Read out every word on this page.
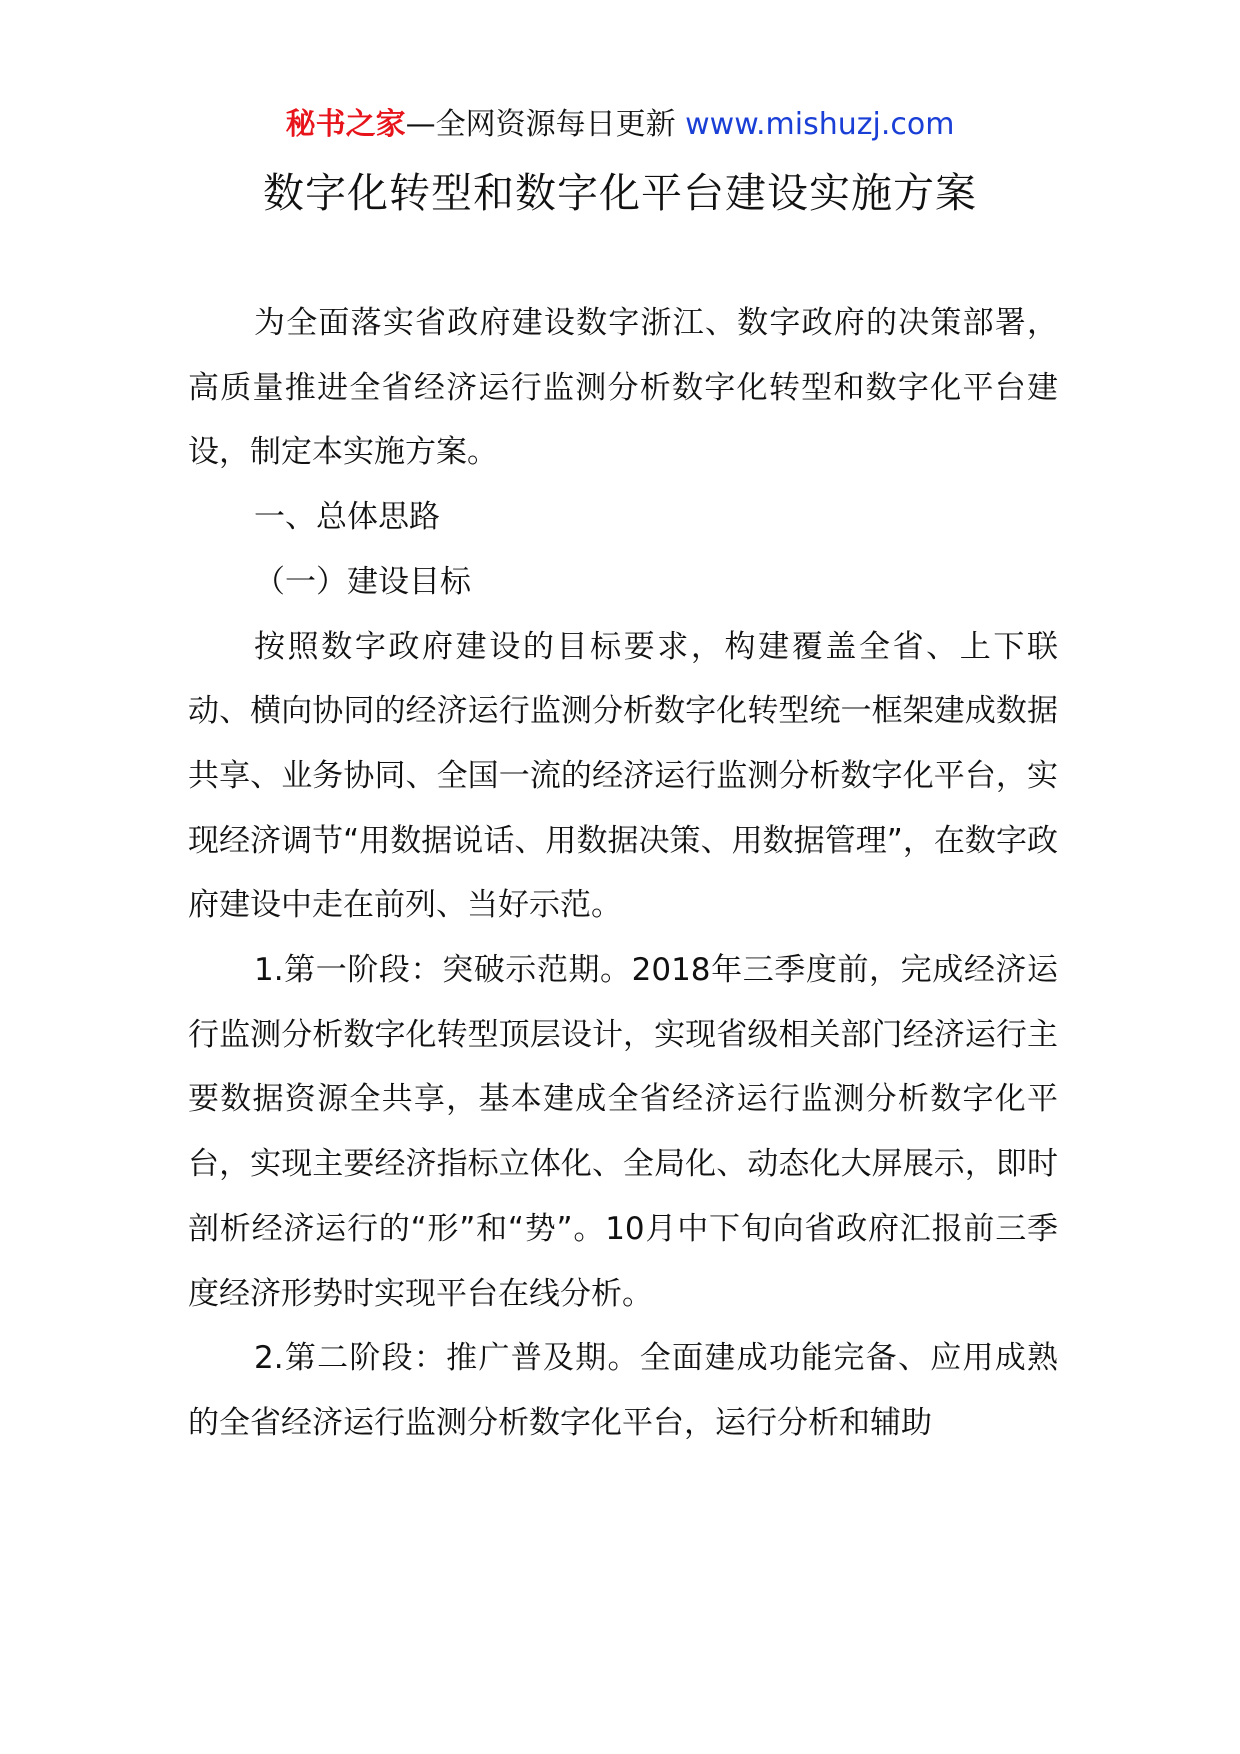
秘书之家—全网资源每日更新 www.mishuzj.com
数字化转型和数字化平台建设实施方案

为全面落实省政府建设数字浙江、数字政府的决策部署，高质量推进全省经济运行监测分析数字化转型和数字化平台建设，制定本实施方案。

一、总体思路

（一）建设目标

按照数字政府建设的目标要求，构建覆盖全省、上下联动、横向协同的经济运行监测分析数字化转型统一框架建成数据共享、业务协同、全国一流的经济运行监测分析数字化平台，实现经济调节“用数据说话、用数据决策、用数据管理”，在数字政府建设中走在前列、当好示范。

1.第一阶段：突破示范期。2018年三季度前，完成经济运行监测分析数字化转型顶层设计，实现省级相关部门经济运行主要数据资源全共享，基本建成全省经济运行监测分析数字化平台，实现主要经济指标立体化、全局化、动态化大屏展示，即时剖析经济运行的“形”和“势”。10月中下旬向省政府汇报前三季度经济形势时实现平台在线分析。

2.第二阶段：推广普及期。全面建成功能完备、应用成熟的全省经济运行监测分析数字化平台，运行分析和辅助
